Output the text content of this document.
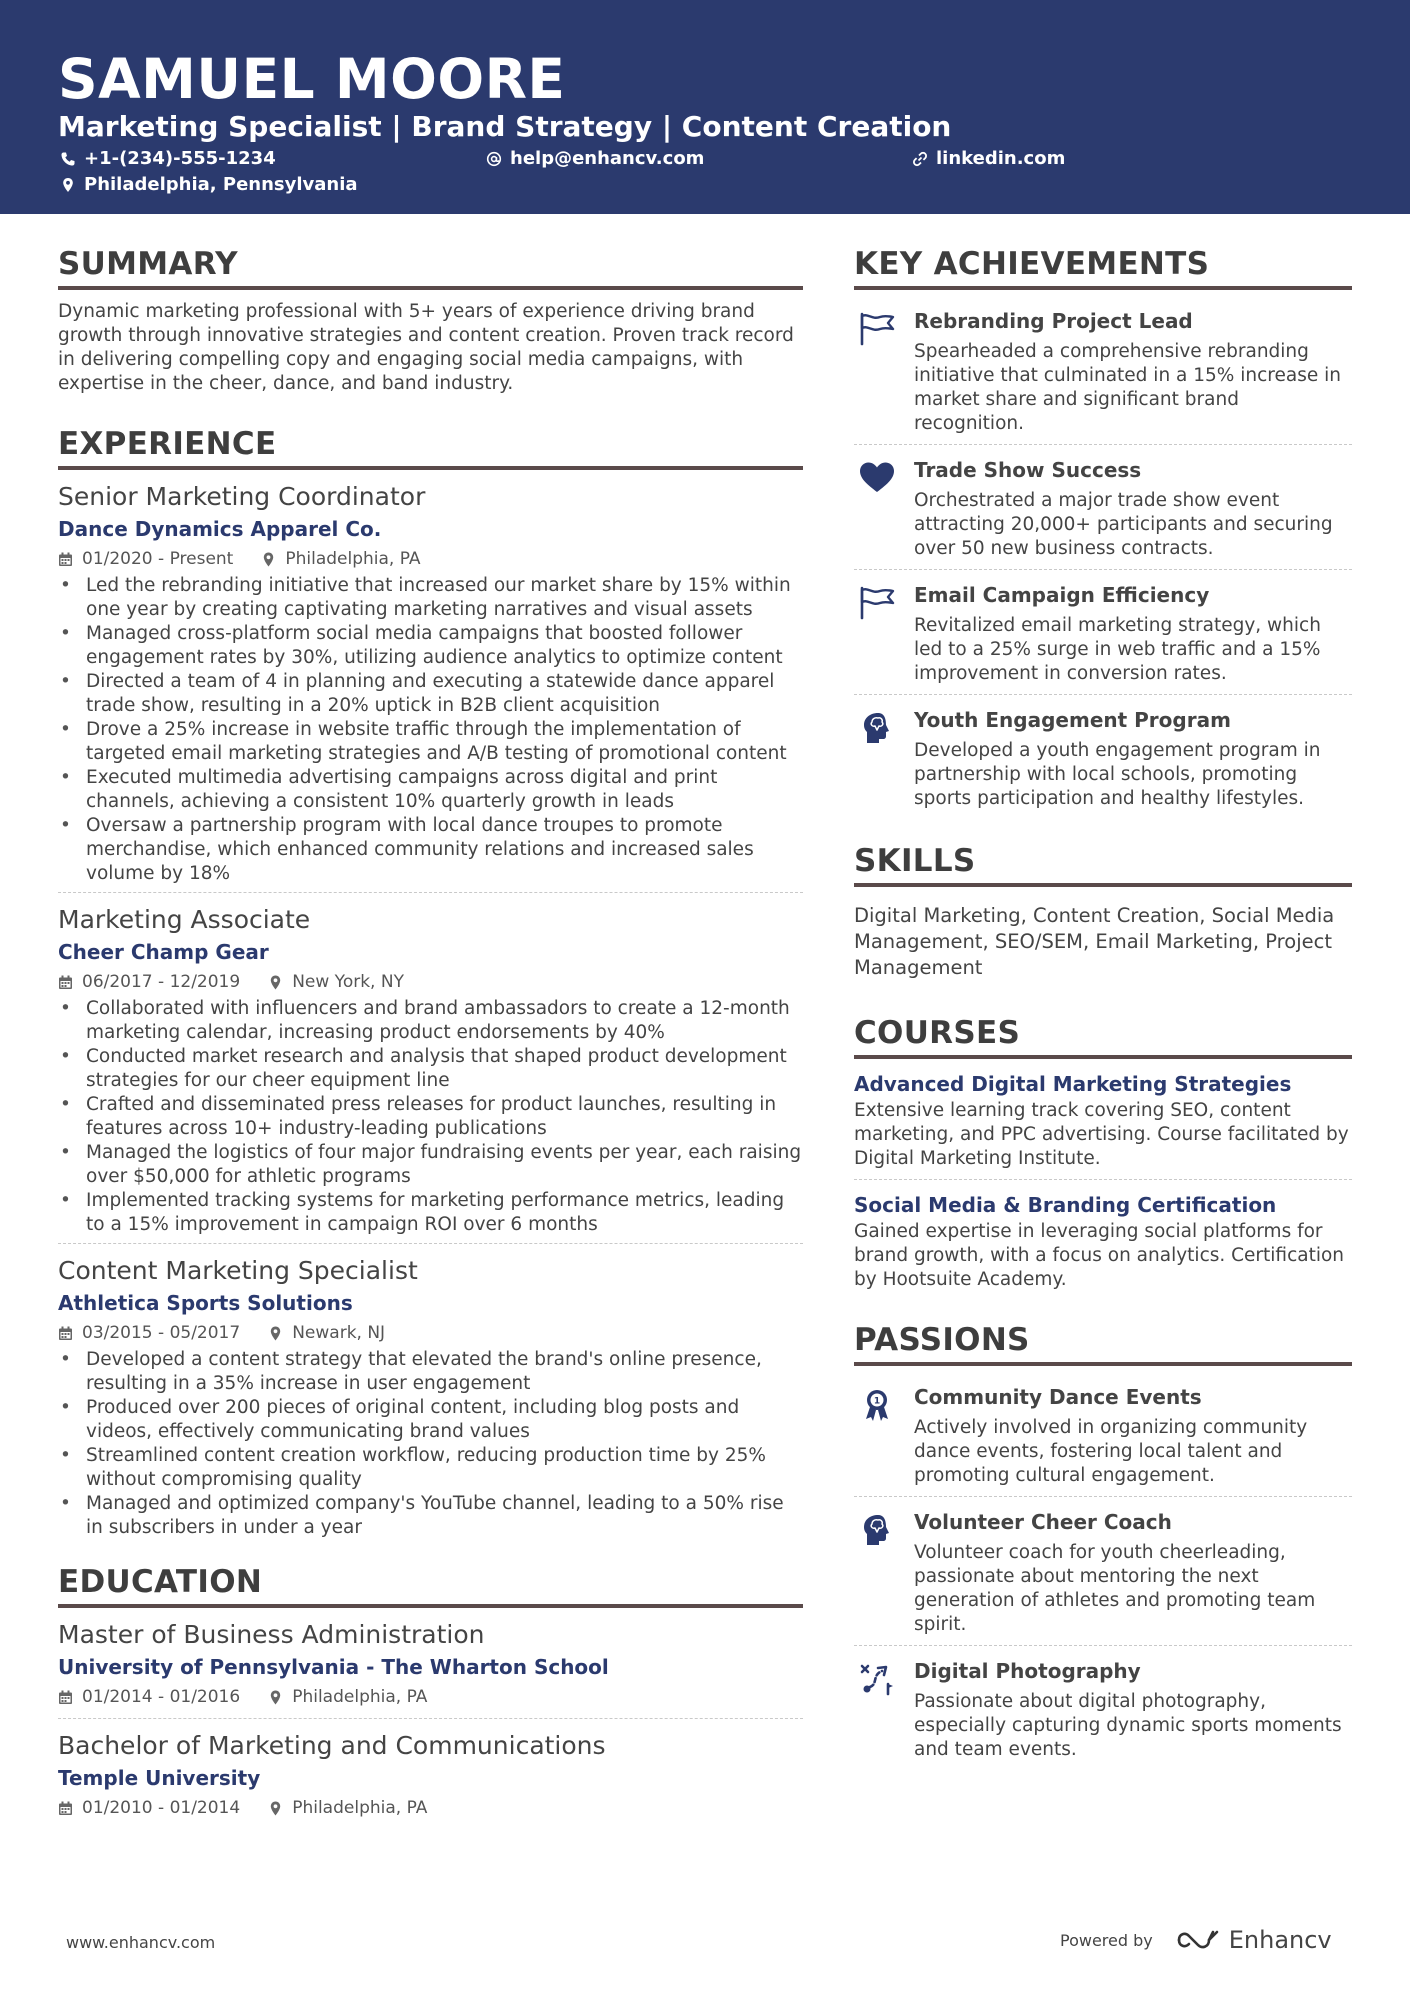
SAMUEL MOORE
Marketing Specialist | Brand Strategy | Content Creation
+1-(234)-555-1234	help@enhancv.com	linkedin.com
Philadelphia, Pennsylvania
SUMMARY
Dynamic marketing professional with 5+ years of experience driving brand growth through innovative strategies and content creation. Proven track record in delivering compelling copy and engaging social media campaigns, with expertise in the cheer, dance, and band industry.
EXPERIENCE
Senior Marketing Coordinator
Dance Dynamics Apparel Co.
01/2020 - Present	Philadelphia, PA
• Led the rebranding initiative that increased our market share by 15% within one year by creating captivating marketing narratives and visual assets
• Managed cross-platform social media campaigns that boosted follower engagement rates by 30%, utilizing audience analytics to optimize content
• Directed a team of 4 in planning and executing a statewide dance apparel trade show, resulting in a 20% uptick in B2B client acquisition
• Drove a 25% increase in website traffic through the implementation of targeted email marketing strategies and A/B testing of promotional content
• Executed multimedia advertising campaigns across digital and print channels, achieving a consistent 10% quarterly growth in leads
• Oversaw a partnership program with local dance troupes to promote merchandise, which enhanced community relations and increased sales volume by 18%
Marketing Associate
Cheer Champ Gear
06/2017 - 12/2019	New York, NY
• Collaborated with influencers and brand ambassadors to create a 12-month marketing calendar, increasing product endorsements by 40%
• Conducted market research and analysis that shaped product development strategies for our cheer equipment line
• Crafted and disseminated press releases for product launches, resulting in features across 10+ industry-leading publications
• Managed the logistics of four major fundraising events per year, each raising over $50,000 for athletic programs
• Implemented tracking systems for marketing performance metrics, leading to a 15% improvement in campaign ROI over 6 months
Content Marketing Specialist
Athletica Sports Solutions
03/2015 - 05/2017	Newark, NJ
• Developed a content strategy that elevated the brand's online presence, resulting in a 35% increase in user engagement
• Produced over 200 pieces of original content, including blog posts and videos, effectively communicating brand values
• Streamlined content creation workflow, reducing production time by 25% without compromising quality
• Managed and optimized company's YouTube channel, leading to a 50% rise in subscribers in under a year
EDUCATION
Master of Business Administration
University of Pennsylvania - The Wharton School
01/2014 - 01/2016	Philadelphia, PA
Bachelor of Marketing and Communications
Temple University
01/2010 - 01/2014	Philadelphia, PA
KEY ACHIEVEMENTS
Rebranding Project Lead
Spearheaded a comprehensive rebranding initiative that culminated in a 15% increase in market share and significant brand recognition.
Trade Show Success
Orchestrated a major trade show event attracting 20,000+ participants and securing over 50 new business contracts.
Email Campaign Efficiency
Revitalized email marketing strategy, which led to a 25% surge in web traffic and a 15% improvement in conversion rates.
Youth Engagement Program
Developed a youth engagement program in partnership with local schools, promoting sports participation and healthy lifestyles.
SKILLS
Digital Marketing, Content Creation, Social Media Management, SEO/SEM, Email Marketing, Project Management
COURSES
Advanced Digital Marketing Strategies
Extensive learning track covering SEO, content marketing, and PPC advertising. Course facilitated by Digital Marketing Institute.
Social Media & Branding Certification
Gained expertise in leveraging social platforms for brand growth, with a focus on analytics. Certification by Hootsuite Academy.
PASSIONS
1 Community Dance Events
Actively involved in organizing community dance events, fostering local talent and promoting cultural engagement.
Volunteer Cheer Coach
Volunteer coach for youth cheerleading, passionate about mentoring the next generation of athletes and promoting team spirit.
Digital Photography
Passionate about digital photography, especially capturing dynamic sports moments and team events.
www.enhancv.com	Powered by	Enhancv
